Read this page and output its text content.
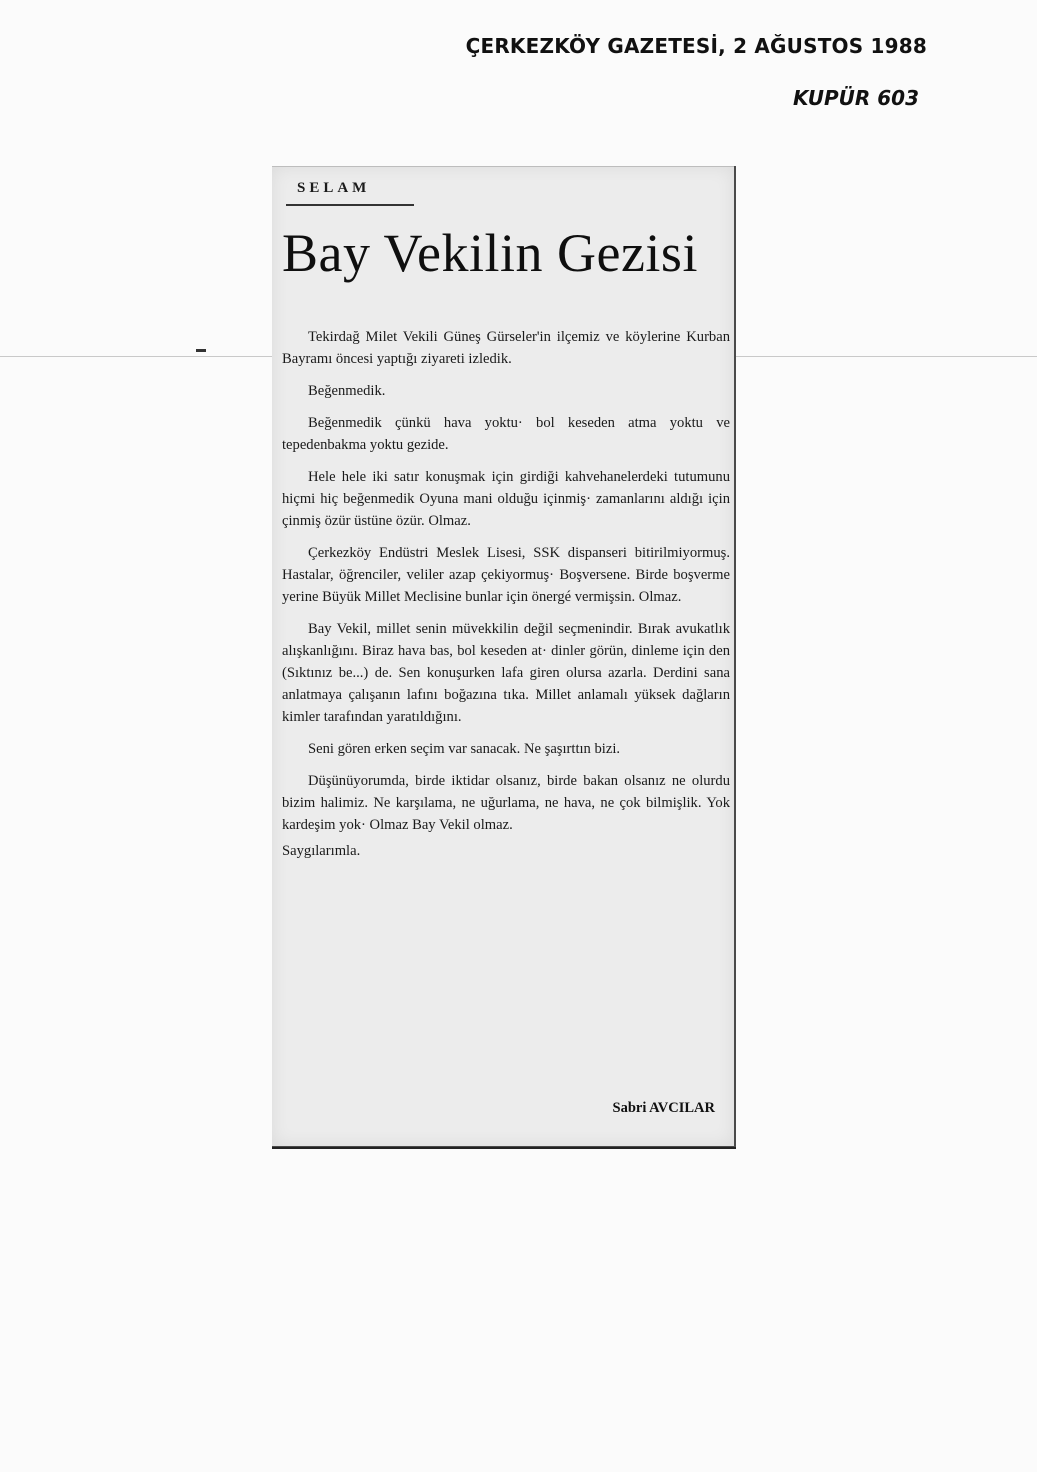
ÇERKEZKÖY GAZETESİ, 2 AĞUSTOS 1988
KUPÜR 603
SELAM
Bay Vekilin Gezisi

Tekirdağ Milet Vekili Güneş Gürseler'in ilçemiz ve köylerine Kurban Bayramı öncesi yaptığı ziyareti izledik.

Beğenmedik.

Beğenmedik çünkü hava yoktu· bol keseden atma yoktu ve tepedenbakma yoktu gezide.

Hele hele iki satır konuşmak için girdiği kahvehanelerdeki tutumunu hiçmi hiç beğenmedik Oyuna mani olduğu içinmiş· zamanlarını aldığı için çinmiş özür üstüne özür. Olmaz.

Çerkezköy Endüstri Meslek Lisesi, SSK dispanseri bitirilmiyormuş. Hastalar, öğrenciler, veliler azap çekiyormuş· Boşversene. Birde boşverme yerine Büyük Millet Meclisine bunlar için önergé vermişsin. Olmaz.

Bay Vekil, millet senin müvekkilin değil seçmenindir. Bırak avukatlık alışkanlığını. Biraz hava bas, bol keseden at· dinler görün, dinleme için den (Sıktınız be...) de. Sen konuşurken lafa giren olursa azarla. Derdini sana anlatmaya çalışanın lafını boğazına tıka. Millet anlamalı yüksek dağların kimler tarafından yaratıldığını.

Seni gören erken seçim var sanacak. Ne şaşırttın bizi.

Düşünüyorumda, birde iktidar olsanız, birde bakan olsanız ne olurdu bizim halimiz. Ne karşılama, ne uğurlama, ne hava, ne çok bilmişlik. Yok kardeşim yok· Olmaz Bay Vekil olmaz.

Saygılarımla.

Sabri AVCILAR
